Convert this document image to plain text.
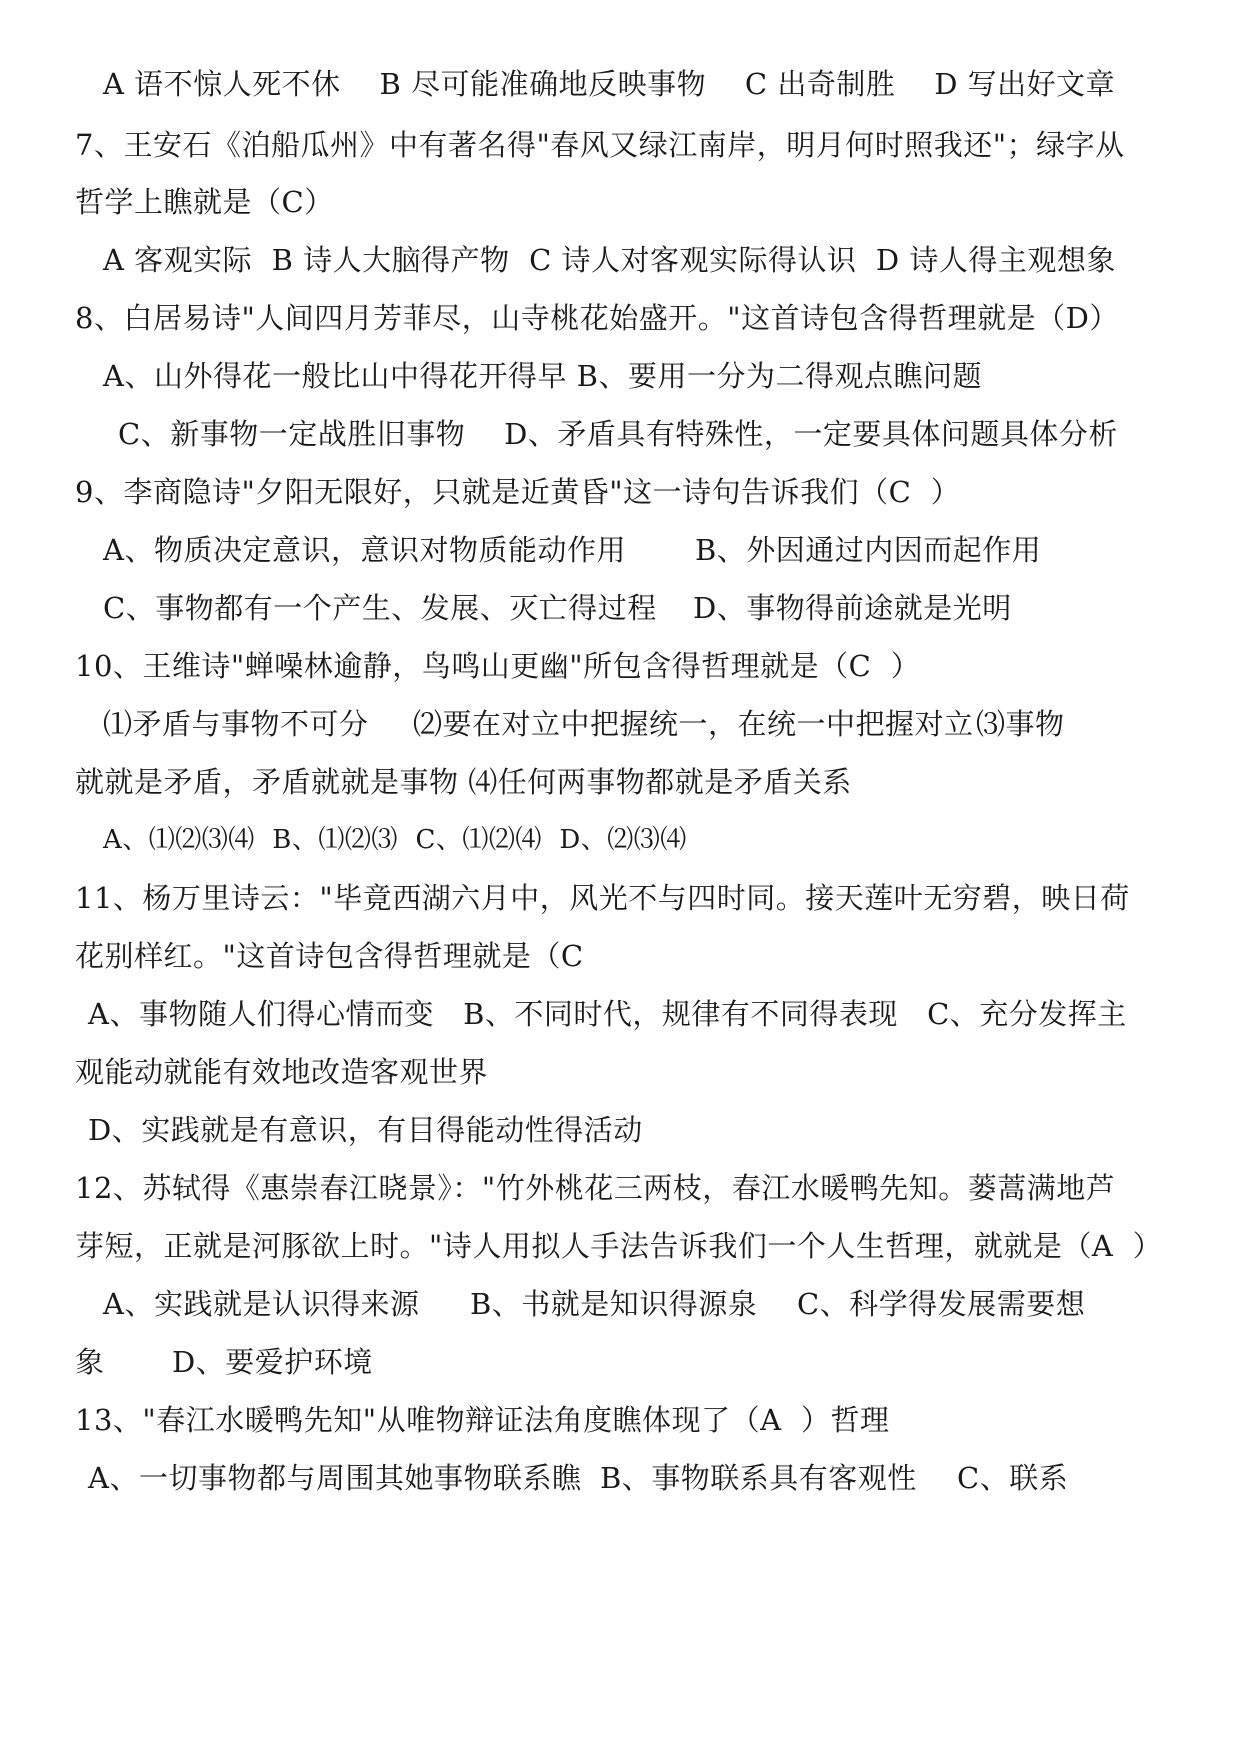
A 语不惊人死不休    B 尽可能准确地反映事物    C 出奇制胜    D 写出好文章
7、王安石《泊船瓜州》中有著名得"春风又绿江南岸，明月何时照我还"；绿字从
哲学上瞧就是（C）
A 客观实际  B 诗人大脑得产物  C 诗人对客观实际得认识  D 诗人得主观想象
8、白居易诗"人间四月芳菲尽，山寺桃花始盛开。"这首诗包含得哲理就是（D）
A、山外得花一般比山中得花开得早 B、要用一分为二得观点瞧问题
C、新事物一定战胜旧事物    D、矛盾具有特殊性，一定要具体问题具体分析
9、李商隐诗"夕阳无限好，只就是近黄昏"这一诗句告诉我们（C  ）
A、物质决定意识，意识对物质能动作用 B、外因通过内因而起作用
C、事物都有一个产生、发展、灭亡得过程 D、事物得前途就是光明
10、王维诗"蝉噪林逾静，鸟鸣山更幽"所包含得哲理就是（C  ）
⑴矛盾与事物不可分 ⑵要在对立中把握统一，在统一中把握对立 ⑶事物
就就是矛盾，矛盾就就是事物 ⑷任何两事物都就是矛盾关系
A、⑴⑵⑶⑷  B、⑴⑵⑶  C、⑴⑵⑷  D、⑵⑶⑷
11、杨万里诗云："毕竟西湖六月中，风光不与四时同。接天莲叶无穷碧，映日荷
花别样红。"这首诗包含得哲理就是（C
A、事物随人们得心情而变   B、不同时代，规律有不同得表现   C、充分发挥主
观能动就能有效地改造客观世界
D、实践就是有意识，有目得能动性得活动
12、苏轼得《惠崇春江晓景》："竹外桃花三两枝，春江水暖鸭先知。蒌蒿满地芦
芽短，正就是河豚欲上时。"诗人用拟人手法告诉我们一个人生哲理，就就是（A  ）
A、实践就是认识得来源 B、书就是知识得源泉 C、科学得发展需要想
象 D、要爱护环境
13、"春江水暖鸭先知"从唯物辩证法角度瞧体现了（A  ）哲理
A、一切事物都与周围其她事物联系瞧 B、事物联系具有客观性 C、联系
